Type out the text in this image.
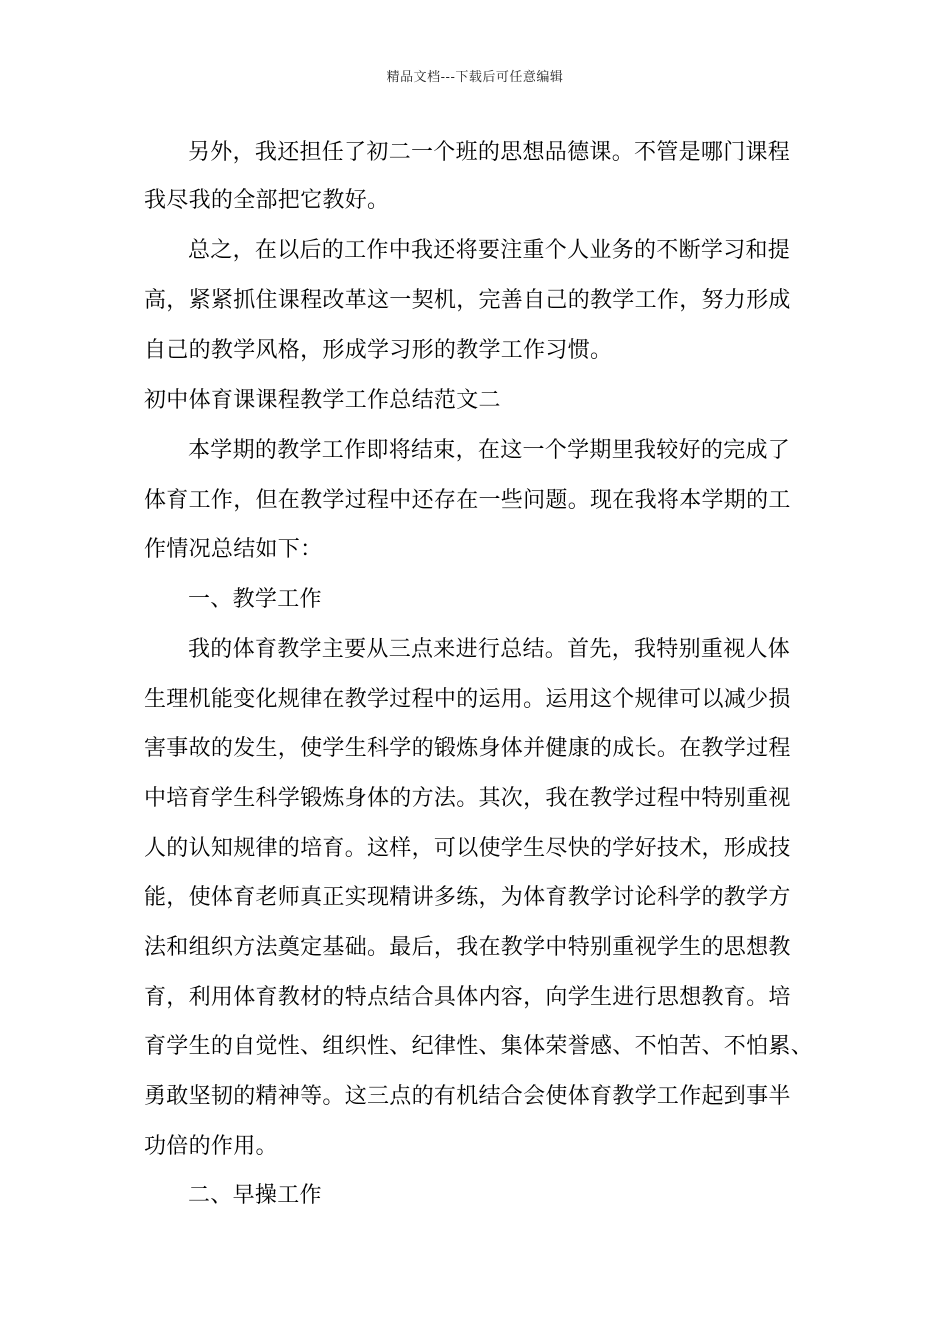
精品文档---下载后可任意编辑
另外，我还担任了初二一个班的思想品德课。不管是哪门课程
我尽我的全部把它教好。
总之，在以后的工作中我还将要注重个人业务的不断学习和提
高，紧紧抓住课程改革这一契机，完善自己的教学工作，努力形成
自己的教学风格，形成学习形的教学工作习惯。
初中体育课课程教学工作总结范文二
本学期的教学工作即将结束，在这一个学期里我较好的完成了
体育工作，但在教学过程中还存在一些问题。现在我将本学期的工
作情况总结如下：
一、教学工作
我的体育教学主要从三点来进行总结。首先，我特别重视人体
生理机能变化规律在教学过程中的运用。运用这个规律可以减少损
害事故的发生，使学生科学的锻炼身体并健康的成长。在教学过程
中培育学生科学锻炼身体的方法。其次，我在教学过程中特别重视
人的认知规律的培育。这样，可以使学生尽快的学好技术，形成技
能，使体育老师真正实现精讲多练，为体育教学讨论科学的教学方
法和组织方法奠定基础。最后，我在教学中特别重视学生的思想教
育，利用体育教材的特点结合具体内容，向学生进行思想教育。培
育学生的自觉性、组织性、纪律性、集体荣誉感、不怕苦、不怕累、
勇敢坚韧的精神等。这三点的有机结合会使体育教学工作起到事半
功倍的作用。
二、早操工作
